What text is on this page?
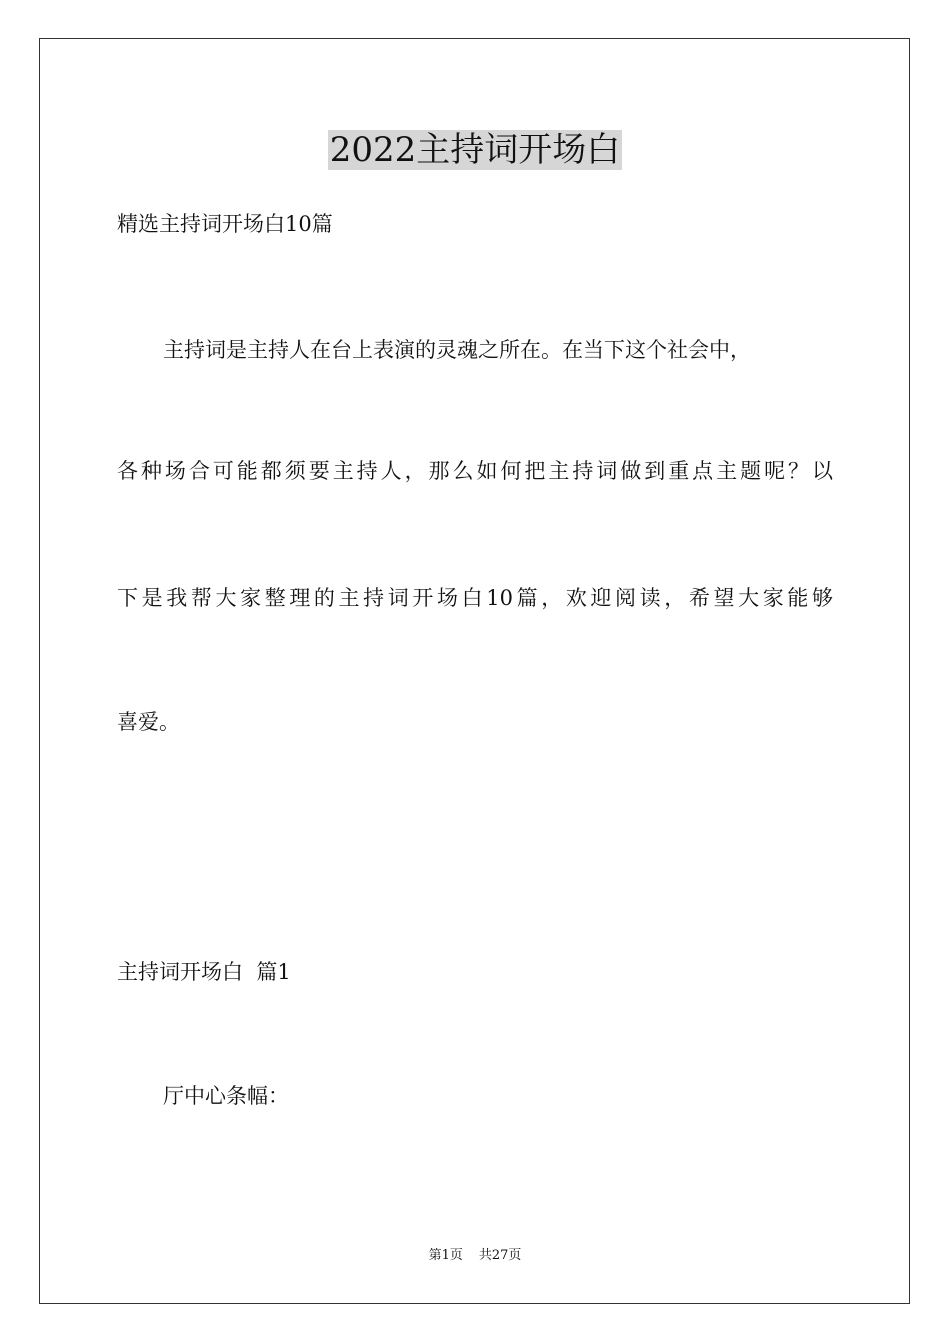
2022主持词开场白
精选主持词开场白10篇
主持词是主持人在台上表演的灵魂之所在。在当下这个社会中，
各种场合可能都须要主持人，那么如何把主持词做到重点主题呢？以
下是我帮大家整理的主持词开场白10篇，欢迎阅读，希望大家能够
喜爱。
主持词开场白  篇1
厅中心条幅：
第1页 共27页
